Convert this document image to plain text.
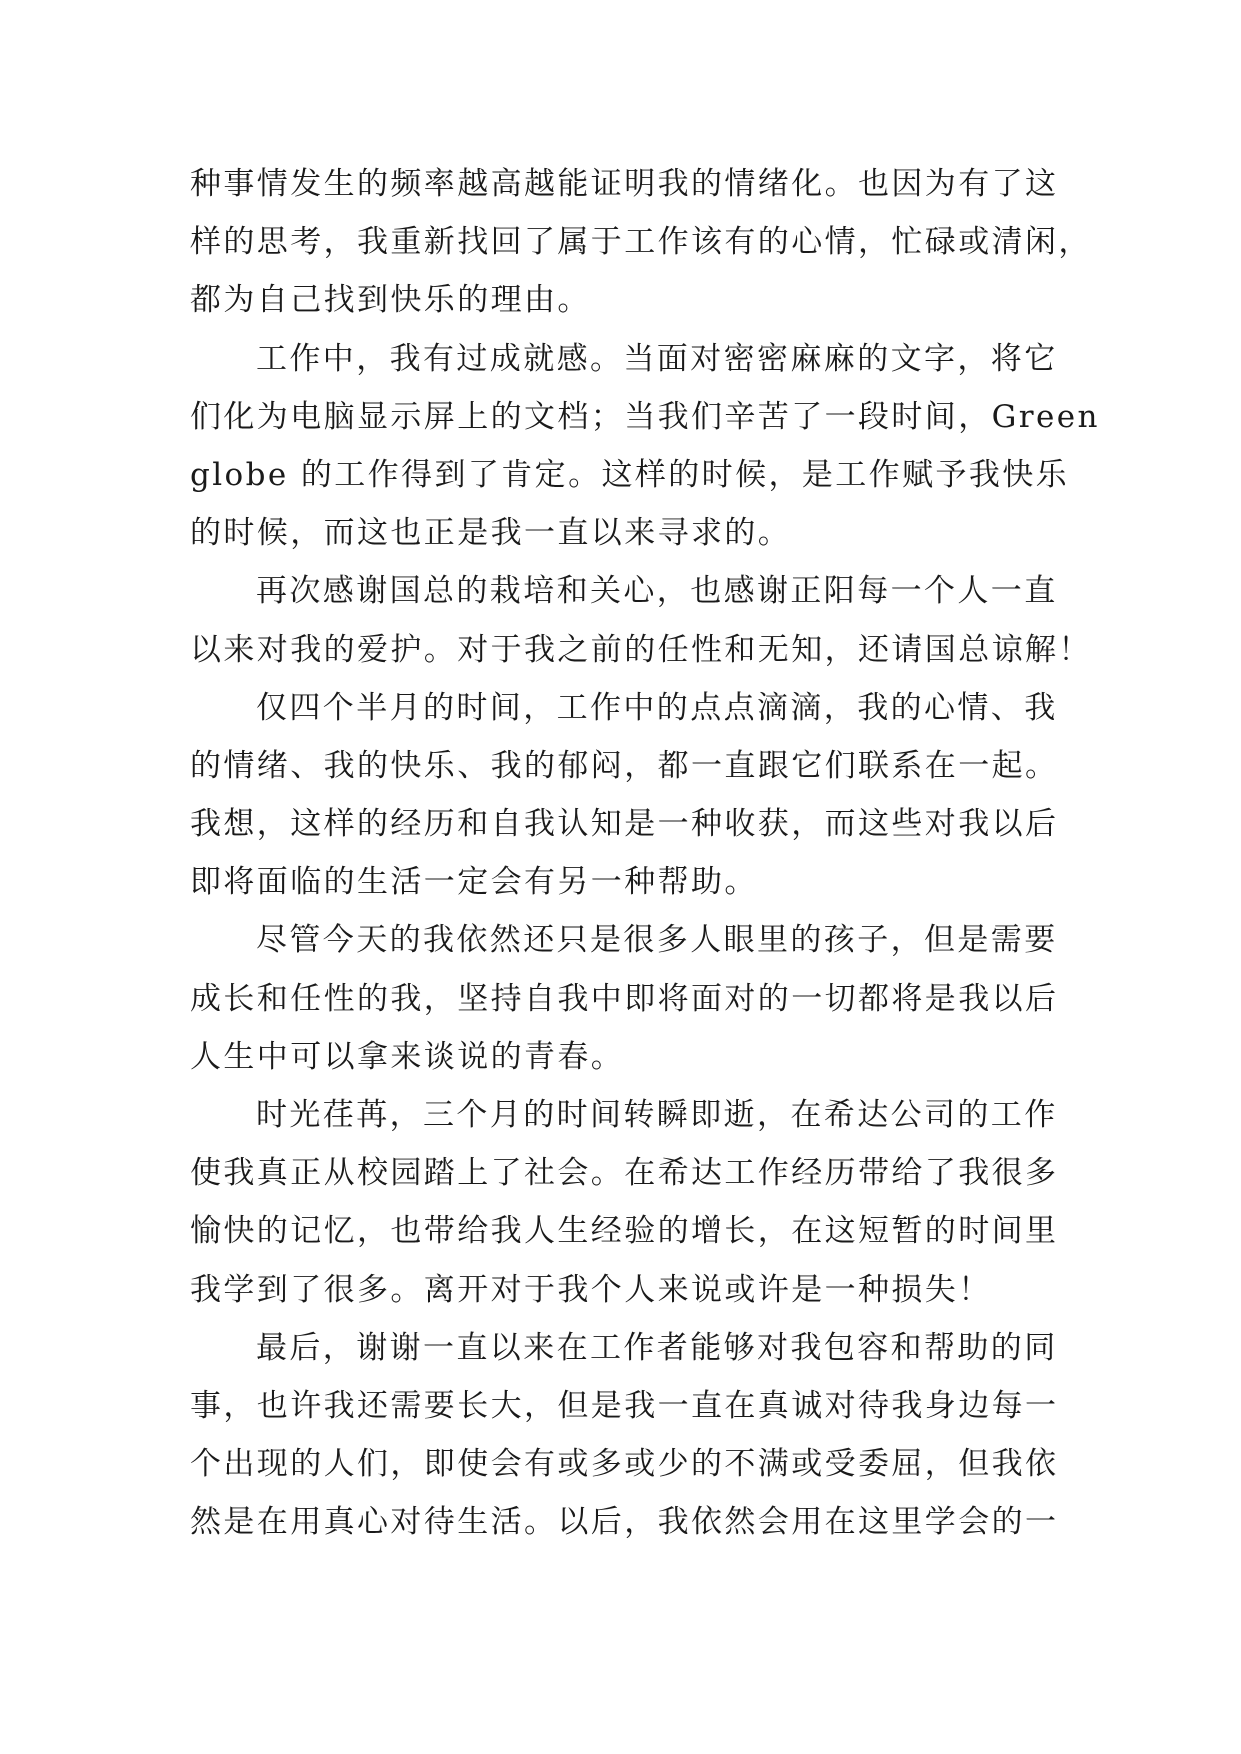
种事情发生的频率越高越能证明我的情绪化。也因为有了这
样的思考，我重新找回了属于工作该有的心情，忙碌或清闲，
都为自己找到快乐的理由。
工作中，我有过成就感。当面对密密麻麻的文字，将它
们化为电脑显示屏上的文档；当我们辛苦了一段时间，Green
globe 的工作得到了肯定。这样的时候，是工作赋予我快乐
的时候，而这也正是我一直以来寻求的。
再次感谢国总的栽培和关心，也感谢正阳每一个人一直
以来对我的爱护。对于我之前的任性和无知，还请国总谅解！
仅四个半月的时间，工作中的点点滴滴，我的心情、我
的情绪、我的快乐、我的郁闷，都一直跟它们联系在一起。
我想，这样的经历和自我认知是一种收获，而这些对我以后
即将面临的生活一定会有另一种帮助。
尽管今天的我依然还只是很多人眼里的孩子，但是需要
成长和任性的我，坚持自我中即将面对的一切都将是我以后
人生中可以拿来谈说的青春。
时光荏苒，三个月的时间转瞬即逝，在希达公司的工作
使我真正从校园踏上了社会。在希达工作经历带给了我很多
愉快的记忆，也带给我人生经验的增长，在这短暂的时间里
我学到了很多。离开对于我个人来说或许是一种损失！
最后，谢谢一直以来在工作者能够对我包容和帮助的同
事，也许我还需要长大，但是我一直在真诚对待我身边每一
个出现的人们，即使会有或多或少的不满或受委屈，但我依
然是在用真心对待生活。以后，我依然会用在这里学会的一
